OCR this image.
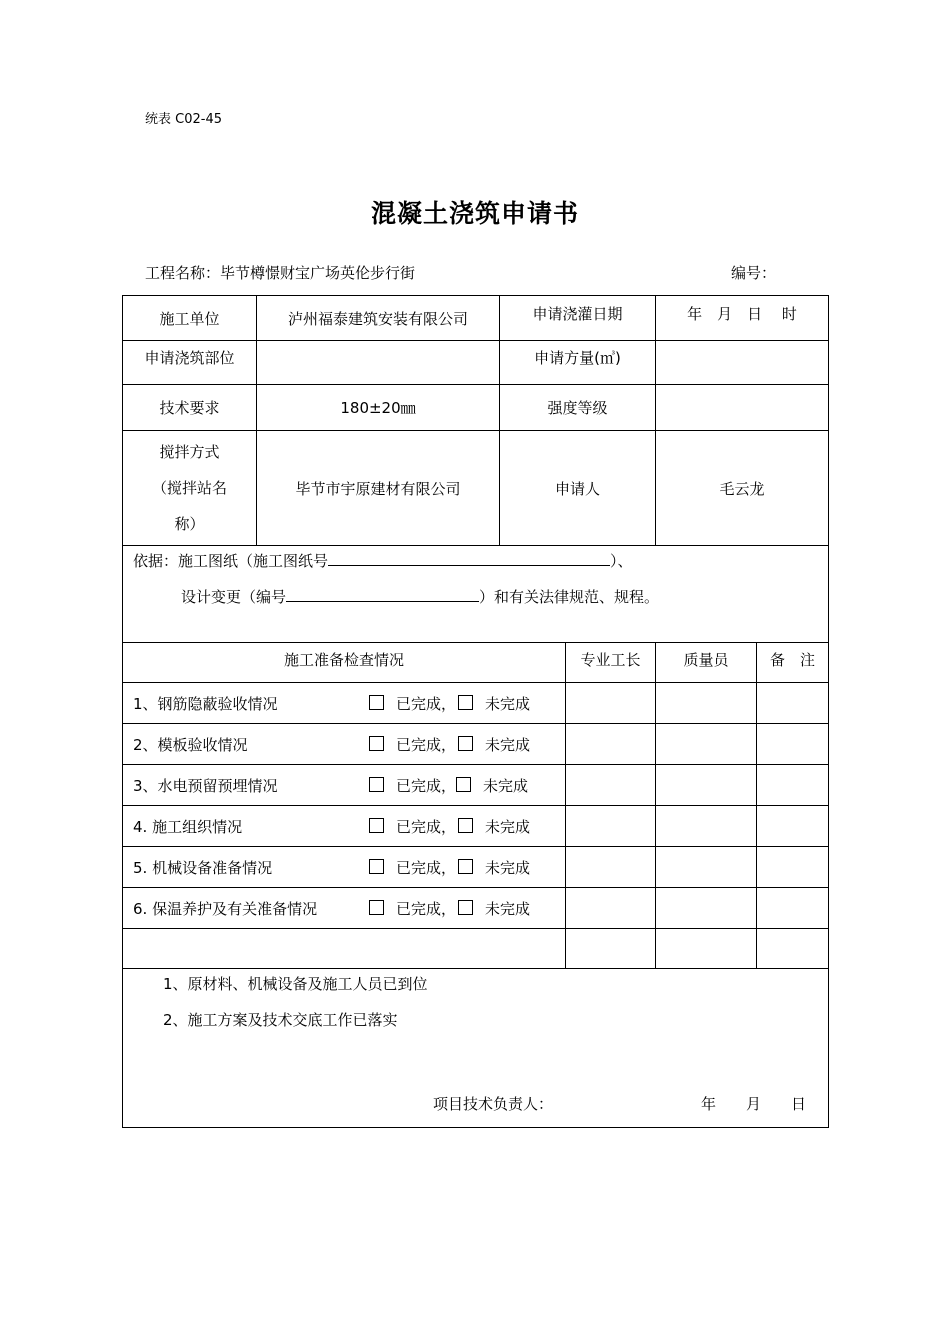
统表 C02-45
混凝土浇筑申请书
工程名称：毕节樽憬财宝广场英伦步行街	编号：
施工单位	泸州福泰建筑安装有限公司	申请浇灌日期		年　月　日　 时	
申请浇筑部位		申请方量(㎥)			
技术要求	180±20㎜	强度等级			

搅拌方式
（搅拌站名
称）	毕节市宇原建材有限公司	申请人		毛云龙	

依据：施工图纸（施工图纸号 ）、
设计变更（编号 ）和有关法律规范、规程。					

施工准备检查情况			专业工长	质量员	备　注
1、钢筋隐蔽验收情况 已完成， 未完成					
2、模板验收情况 已完成， 未完成					
3、水电预留预埋情况 已完成， 未完成					
4. 施工组织情况 已完成， 未完成					
5. 机械设备准备情况 已完成， 未完成					
6. 保温养护及有关准备情况 已完成， 未完成					

1、原材料、机械设备及施工人员已到位
2、施工方案及技术交底工作已落实
项目技术负责人： 年　　月　　日					
